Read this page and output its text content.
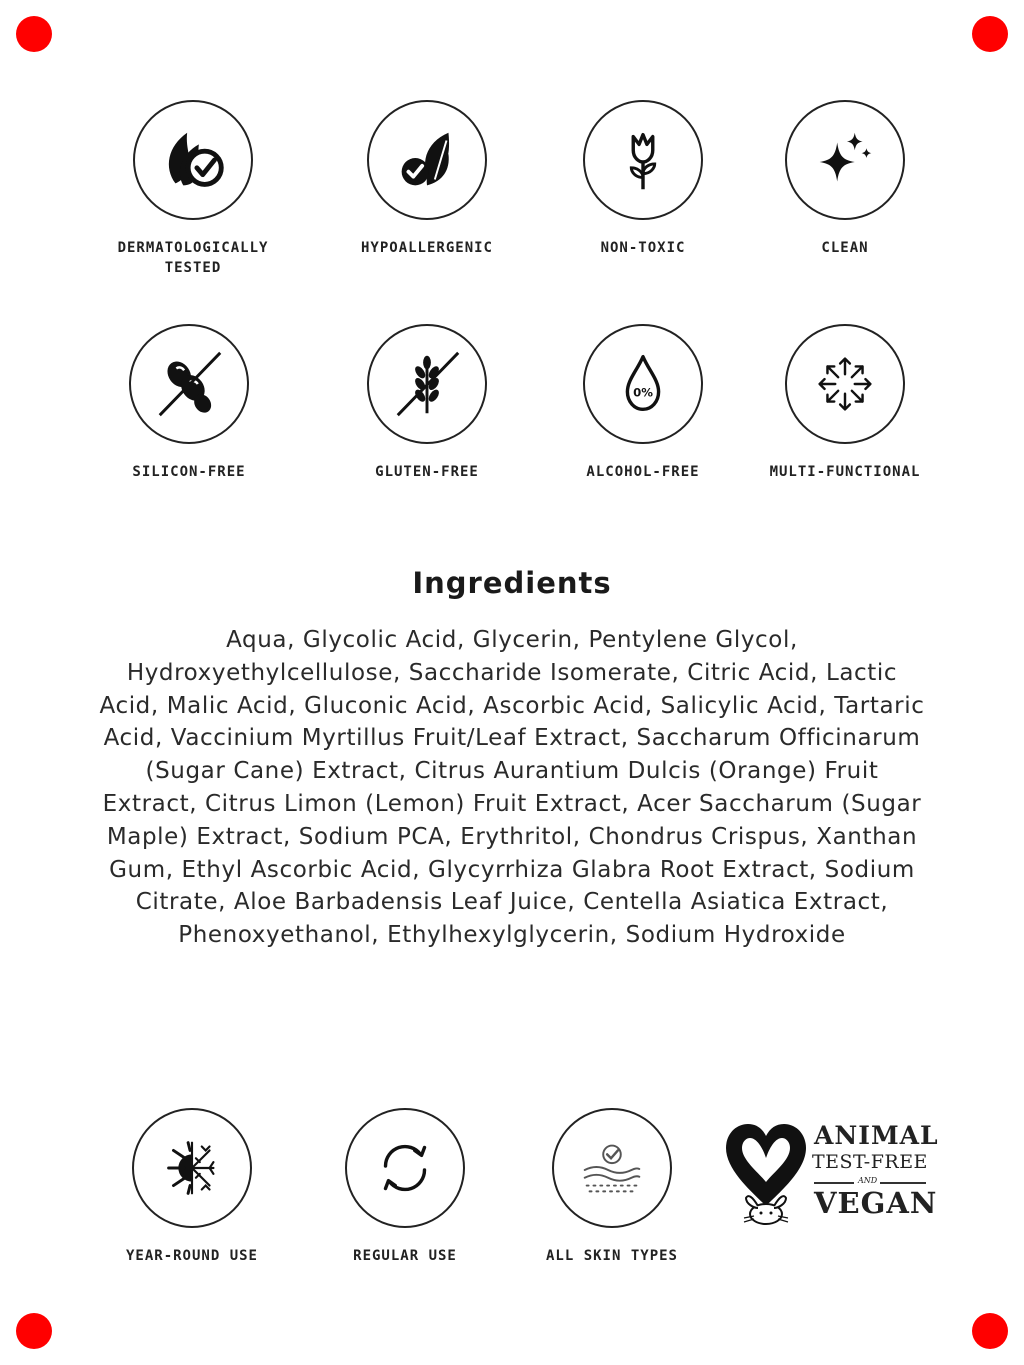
DERMATOLOGICALLY
TESTED
HYPOALLERGENIC	NON-TOXIC	CLEAN
SILICON-FREE	GLUTEN-FREE
0%
ALCOHOL-FREE	MULTI-FUNCTIONAL
Ingredients
Aqua, Glycolic Acid, Glycerin, Pentylene Glycol, Hydroxyethylcellulose, Saccharide Isomerate, Citric Acid, Lactic Acid, Malic Acid, Gluconic Acid, Ascorbic Acid, Salicylic Acid, Tartaric Acid, Vaccinium Myrtillus Fruit/Leaf Extract, Saccharum Officinarum (Sugar Cane) Extract, Citrus Aurantium Dulcis (Orange) Fruit Extract, Citrus Limon (Lemon) Fruit Extract, Acer Saccharum (Sugar Maple) Extract, Sodium PCA, Erythritol, Chondrus Crispus, Xanthan Gum, Ethyl Ascorbic Acid, Glycyrrhiza Glabra Root Extract, Sodium Citrate, Aloe Barbadensis Leaf Juice, Centella Asiatica Extract, Phenoxyethanol, Ethylhexylglycerin, Sodium Hydroxide
YEAR-ROUND USE	REGULAR USE	ALL SKIN TYPES
ANIMAL
TEST-FREE
AND
VEGAN
